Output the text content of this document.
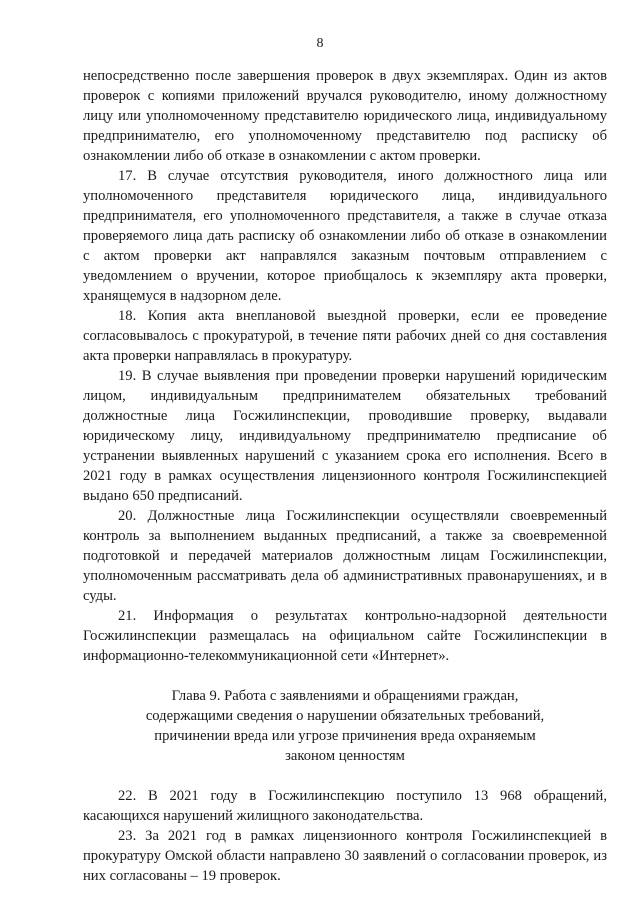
8

непосредственно после завершения проверок в двух экземплярах. Один из актов проверок с копиями приложений вручался руководителю, иному должностному лицу или уполномоченному представителю юридического лица, индивидуальному предпринимателю, его уполномоченному представителю под расписку об ознакомлении либо об отказе в ознакомлении с актом проверки.

17. В случае отсутствия руководителя, иного должностного лица или уполномоченного представителя юридического лица, индивидуального предпринимателя, его уполномоченного представителя, а также в случае отказа проверяемого лица дать расписку об ознакомлении либо об отказе в ознакомлении с актом проверки акт направлялся заказным почтовым отправлением с уведомлением о вручении, которое приобщалось к экземпляру акта проверки, хранящемуся в надзорном деле.

18. Копия акта внеплановой выездной проверки, если ее проведение согласовывалось с прокуратурой, в течение пяти рабочих дней со дня составления акта проверки направлялась в прокуратуру.

19. В случае выявления при проведении проверки нарушений юридическим лицом, индивидуальным предпринимателем обязательных требований должностные лица Госжилинспекции, проводившие проверку, выдавали юридическому лицу, индивидуальному предпринимателю предписание об устранении выявленных нарушений с указанием срока его исполнения. Всего в 2021 году в рамках осуществления лицензионного контроля Госжилинспекцией выдано 650 предписаний.

20. Должностные лица Госжилинспекции осуществляли своевременный контроль за выполнением выданных предписаний, а также за своевременной подготовкой и передачей материалов должностным лицам Госжилинспекции, уполномоченным рассматривать дела об административных правонарушениях, и в суды.

21. Информация о результатах контрольно-надзорной деятельности Госжилинспекции размещалась на официальном сайте Госжилинспекции в информационно-телекоммуникационной сети «Интернет».

Глава 9. Работа с заявлениями и обращениями граждан,
содержащими сведения о нарушении обязательных требований,
причинении вреда или угрозе причинения вреда охраняемым
законом ценностям

22. В 2021 году в Госжилинспекцию поступило 13 968 обращений, касающихся нарушений жилищного законодательства.

23. За 2021 год в рамках лицензионного контроля Госжилинспекцией в прокуратуру Омской области направлено 30 заявлений о согласовании проверок, из них согласованы – 19 проверок.
